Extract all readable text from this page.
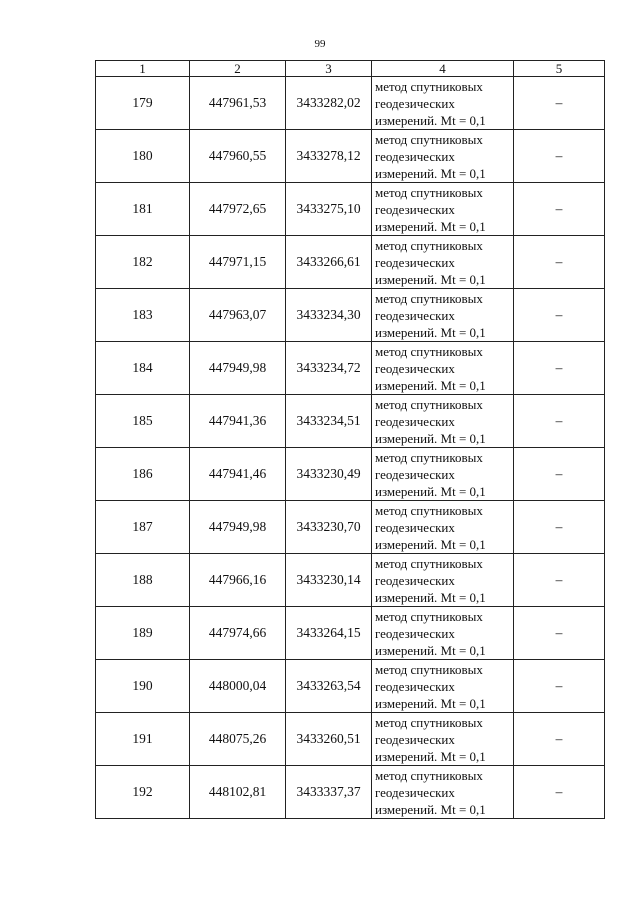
99
1	2	3	4	5
179	447961,53	3433282,02	метод спутниковых
геодезических
измерений. Mt = 0,1	–
180	447960,55	3433278,12	метод спутниковых
геодезических
измерений. Mt = 0,1	–
181	447972,65	3433275,10	метод спутниковых
геодезических
измерений. Mt = 0,1	–
182	447971,15	3433266,61	метод спутниковых
геодезических
измерений. Mt = 0,1	–
183	447963,07	3433234,30	метод спутниковых
геодезических
измерений. Mt = 0,1	–
184	447949,98	3433234,72	метод спутниковых
геодезических
измерений. Mt = 0,1	–
185	447941,36	3433234,51	метод спутниковых
геодезических
измерений. Mt = 0,1	–
186	447941,46	3433230,49	метод спутниковых
геодезических
измерений. Mt = 0,1	–
187	447949,98	3433230,70	метод спутниковых
геодезических
измерений. Mt = 0,1	–
188	447966,16	3433230,14	метод спутниковых
геодезических
измерений. Mt = 0,1	–
189	447974,66	3433264,15	метод спутниковых
геодезических
измерений. Mt = 0,1	–
190	448000,04	3433263,54	метод спутниковых
геодезических
измерений. Mt = 0,1	–
191	448075,26	3433260,51	метод спутниковых
геодезических
измерений. Mt = 0,1	–
192	448102,81	3433337,37	метод спутниковых
геодезических
измерений. Mt = 0,1	–
